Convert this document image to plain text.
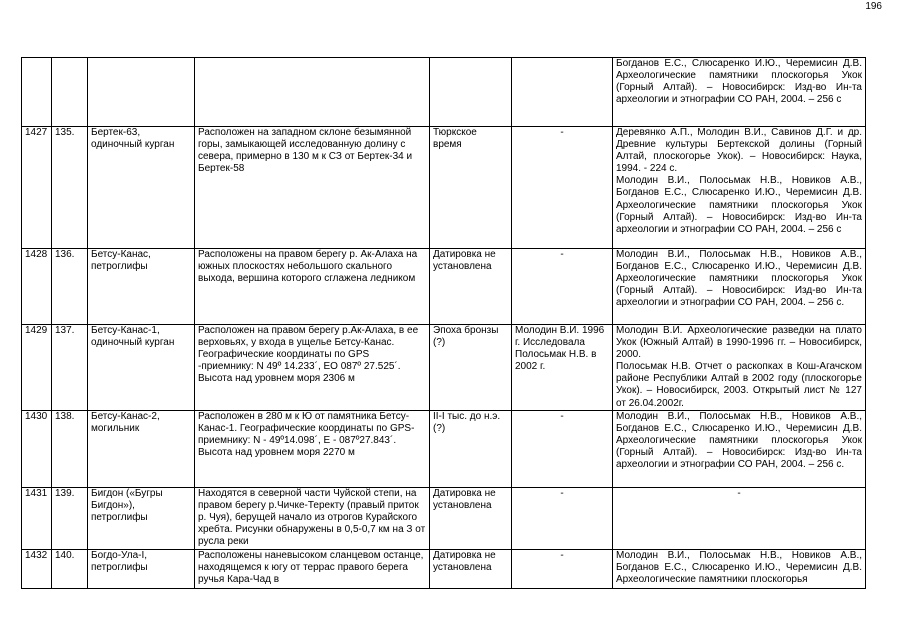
196

						Богданов Е.С., Слюсаренко И.Ю., Черемисин Д.В. Археологические памятники плоскогорья Укок (Горный Алтай). – Новосибирск: Изд-во Ин-та археологии и этнографии СО РАН, 2004. – 256 с

1427	135.	Бертек-63, одиночный курган	Расположен на западном склоне безымянной горы, замыкающей исследованную долину с севера, примерно в 130 м к СЗ от Бертек-34 и Бертек-58	Тюркское время	-	Деревянко А.П., Молодин В.И., Савинов Д.Г. и др. Древние культуры Бертекской долины (Горный Алтай, плоскогорье Укок). – Новосибирск: Наука, 1994. - 224 с.
Молодин В.И., Полосьмак Н.В., Новиков А.В., Богданов Е.С., Слюсаренко И.Ю., Черемисин Д.В. Археологические памятники плоскогорья Укок (Горный Алтай). – Новосибирск: Изд-во Ин-та археологии и этнографии СО РАН, 2004. – 256 с

1428	136.	Бетсу-Канас, петроглифы	Расположены на правом берегу р. Ак-Алаха на южных плоскостях небольшого скального выхода, вершина которого сглажена ледником	Датировка не установлена	-	Молодин В.И., Полосьмак Н.В., Новиков А.В., Богданов Е.С., Слюсаренко И.Ю., Черемисин Д.В. Археологические памятники плоскогорья Укок (Горный Алтай). – Новосибирск: Изд-во Ин-та археологии и этнографии СО РАН, 2004. – 256 с.

1429	137.	Бетсу-Канас-1, одиночный курган	Расположен на правом берегу р.Ак-Алаха, в ее верховьях, у входа в ущелье Бетсу-Канас. Географические координаты по GPS -приемнику: N 49º 14.233´, ЕО 087º 27.525´. Высота над уровнем моря 2306 м	Эпоха бронзы (?)	Молодин В.И. 1996 г. Исследовала Полосьмак Н.В. в 2002 г.	Молодин В.И. Археологические разведки на плато Укок (Южный Алтай) в 1990-1996 гг. – Новосибирск, 2000.
Полосьмак Н.В. Отчет о раскопках в Кош-Агачском районе Республики Алтай в 2002 году (плоскогорье Укок). – Новосибирск, 2003. Открытый лист № 127 от 26.04.2002г.

1430	138.	Бетсу-Канас-2, могильник	Расположен в 280 м к Ю от памятника Бетсу-Канас-1. Географические координаты по GPS-приемнику: N - 49º14.098´, Е - 087º27.843´. Высота над уровнем моря 2270 м	II-I тыс. до н.э. (?)	-	Молодин В.И., Полосьмак Н.В., Новиков А.В., Богданов Е.С., Слюсаренко И.Ю., Черемисин Д.В. Археологические памятники плоскогорья Укок (Горный Алтай). – Новосибирск: Изд-во Ин-та археологии и этнографии СО РАН, 2004. – 256 с.

1431	139.	Бигдон («Бугры Бигдон»), петроглифы	Находятся в северной части Чуйской степи, на правом берегу р.Чичке-Теректу (правый приток р. Чуя), берущей начало из отрогов Курайского хребта. Рисунки обнаружены в 0,5-0,7 км на З от русла реки	Датировка не установлена	-	-

1432	140.	Богдо-Ула-I, петроглифы	Расположены наневысоком сланцевом останце, находящемся к югу от террас правого берега ручья Кара-Чад в	Датировка не установлена	-	Молодин В.И., Полосьмак Н.В., Новиков А.В., Богданов Е.С., Слюсаренко И.Ю., Черемисин Д.В. Археологические памятники плоскогорья
